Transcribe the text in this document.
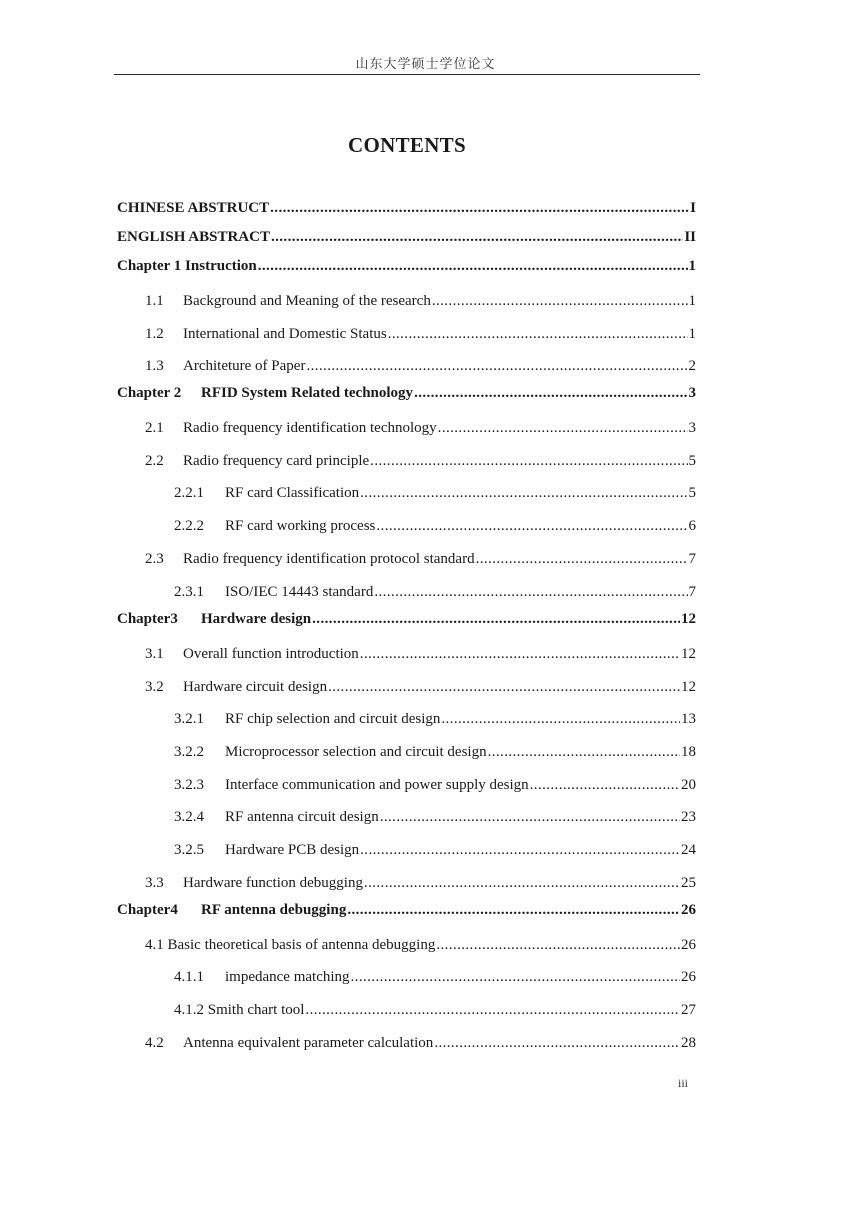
山东大学硕士学位论文
CONTENTS
CHINESE ABSTRUCT .....	I
ENGLISH ABSTRACT .....	II
Chapter 1 Instruction .....	1
1.1	Background and Meaning of the research .....	1
1.2	International and Domestic Status .....	1
1.3	Architeture of Paper .....	2
Chapter 2	RFID System Related technology .....	3
2.1	Radio frequency identification technology .....	3
2.2	Radio frequency card principle .....	5
2.2.1	RF card Classification .....	5
2.2.2	RF card working process .....	6
2.3	Radio frequency identification protocol standard .....	7
2.3.1	ISO/IEC 14443 standard .....	7
Chapter3	Hardware design .....	12
3.1	Overall function introduction .....	12
3.2	Hardware circuit design .....	12
3.2.1	RF chip selection and circuit design .....	13
3.2.2	Microprocessor selection and circuit design .....	18
3.2.3	Interface communication and power supply design .....	20
3.2.4	RF antenna circuit design .....	23
3.2.5	Hardware PCB design .....	24
3.3	Hardware function debugging .....	25
Chapter4	RF antenna debugging .....	26
4.1 Basic theoretical basis of antenna debugging .....	26
4.1.1	impedance matching .....	26
4.1.2 Smith chart tool .....	27
4.2	Antenna equivalent parameter calculation .....	28
iii
